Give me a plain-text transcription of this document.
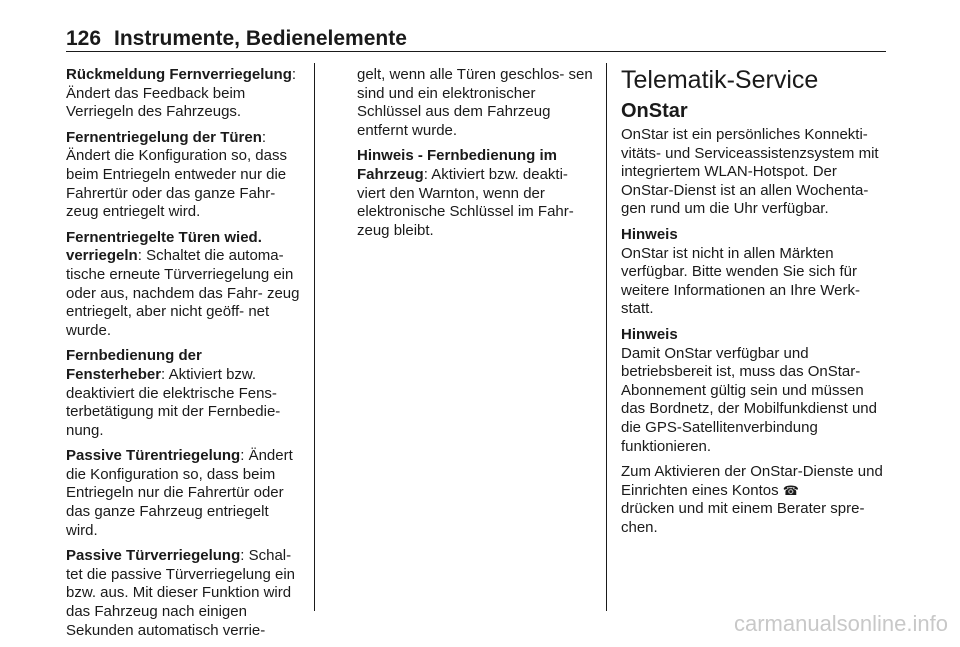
126 Instrumente, Bedienelemente

Rückmeldung Fernverriegelung:
Ändert das Feedback beim Verriegeln des Fahrzeugs.

Fernentriegelung der Türen:
Ändert die Konfiguration so, dass beim Entriegeln entweder nur die Fahrertür oder das ganze Fahr- zeug entriegelt wird.

Fernentriegelte Türen wied. verriegeln: Schaltet die automa- tische erneute Türverriegelung ein oder aus, nachdem das Fahr- zeug entriegelt, aber nicht geöff- net wurde.

Fernbedienung der Fensterheber: Aktiviert bzw. deaktiviert die elektrische Fens- terbetätigung mit der Fernbedie- nung.

Passive Türentriegelung: Ändert die Konfiguration so, dass beim Entriegeln nur die Fahrertür oder das ganze Fahrzeug entriegelt wird.

Passive Türverriegelung: Schal- tet die passive Türverriegelung ein bzw. aus. Mit dieser Funktion wird das Fahrzeug nach einigen Sekunden automatisch verrie-

gelt, wenn alle Türen geschlos- sen sind und ein elektronischer Schlüssel aus dem Fahrzeug entfernt wurde.

Hinweis - Fernbedienung im Fahrzeug: Aktiviert bzw. deakti- viert den Warnton, wenn der elektronische Schlüssel im Fahr- zeug bleibt.

Telematik-Service
OnStar

OnStar ist ein persönliches Konnekti- vitäts- und Serviceassistenzsystem mit integriertem WLAN-Hotspot. Der OnStar-Dienst ist an allen Wochenta- gen rund um die Uhr verfügbar.

Hinweis
OnStar ist nicht in allen Märkten verfügbar. Bitte wenden Sie sich für weitere Informationen an Ihre Werk- statt.

Hinweis
Damit OnStar verfügbar und betriebsbereit ist, muss das OnStar- Abonnement gültig sein und müssen das Bordnetz, der Mobilfunkdienst und die GPS-Satellitenverbindung funktionieren.

Zum Aktivieren der OnStar-Dienste und Einrichten eines Kontos ☎
drücken und mit einem Berater spre- chen.

carmanualsonline.info
